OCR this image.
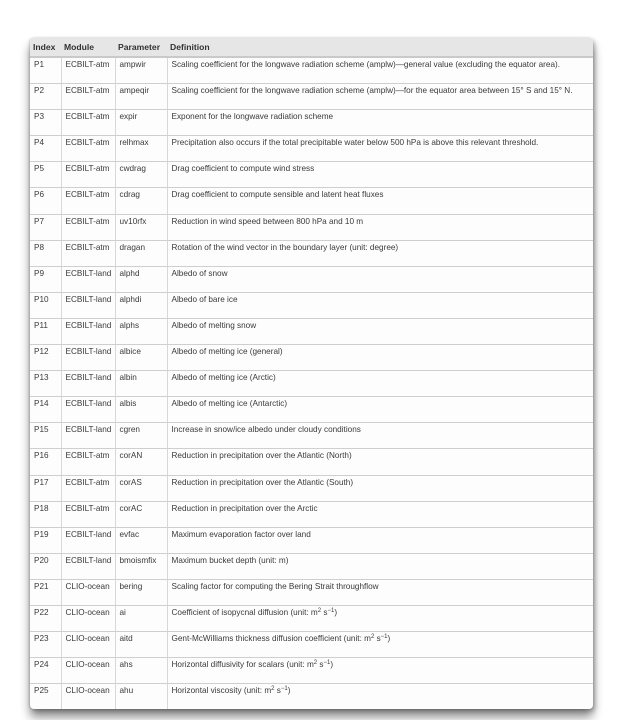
Index	Module	Parameter	Definition
P1	ECBILT-atm	ampwir	Scaling coefficient for the longwave radiation scheme (amplw)—general value (excluding the equator area).
P2	ECBILT-atm	ampeqir	Scaling coefficient for the longwave radiation scheme (amplw)—for the equator area between 15° S and 15° N.
P3	ECBILT-atm	expir	Exponent for the longwave radiation scheme
P4	ECBILT-atm	relhmax	Precipitation also occurs if the total precipitable water below 500 hPa is above this relevant threshold.
P5	ECBILT-atm	cwdrag	Drag coefficient to compute wind stress
P6	ECBILT-atm	cdrag	Drag coefficient to compute sensible and latent heat fluxes
P7	ECBILT-atm	uv10rfx	Reduction in wind speed between 800 hPa and 10 m
P8	ECBILT-atm	dragan	Rotation of the wind vector in the boundary layer (unit: degree)
P9	ECBILT-land	alphd	Albedo of snow
P10	ECBILT-land	alphdi	Albedo of bare ice
P11	ECBILT-land	alphs	Albedo of melting snow
P12	ECBILT-land	albice	Albedo of melting ice (general)
P13	ECBILT-land	albin	Albedo of melting ice (Arctic)
P14	ECBILT-land	albis	Albedo of melting ice (Antarctic)
P15	ECBILT-land	cgren	Increase in snow/ice albedo under cloudy conditions
P16	ECBILT-atm	corAN	Reduction in precipitation over the Atlantic (North)
P17	ECBILT-atm	corAS	Reduction in precipitation over the Atlantic (South)
P18	ECBILT-atm	corAC	Reduction in precipitation over the Arctic
P19	ECBILT-land	evfac	Maximum evaporation factor over land
P20	ECBILT-land	bmoismfix	Maximum bucket depth (unit: m)
P21	CLIO-ocean	bering	Scaling factor for computing the Bering Strait throughflow
P22	CLIO-ocean	ai	Coefficient of isopycnal diffusion (unit: $m^2$ $s^{-1}$)
P23	CLIO-ocean	aitd	Gent-McWilliams thickness diffusion coefficient (unit: $m^2$ $s^{-1}$)
P24	CLIO-ocean	ahs	Horizontal diffusivity for scalars (unit: $m^2$ $s^{-1}$)
P25	CLIO-ocean	ahu	Horizontal viscosity (unit: $m^2$ $s^{-1}$)
